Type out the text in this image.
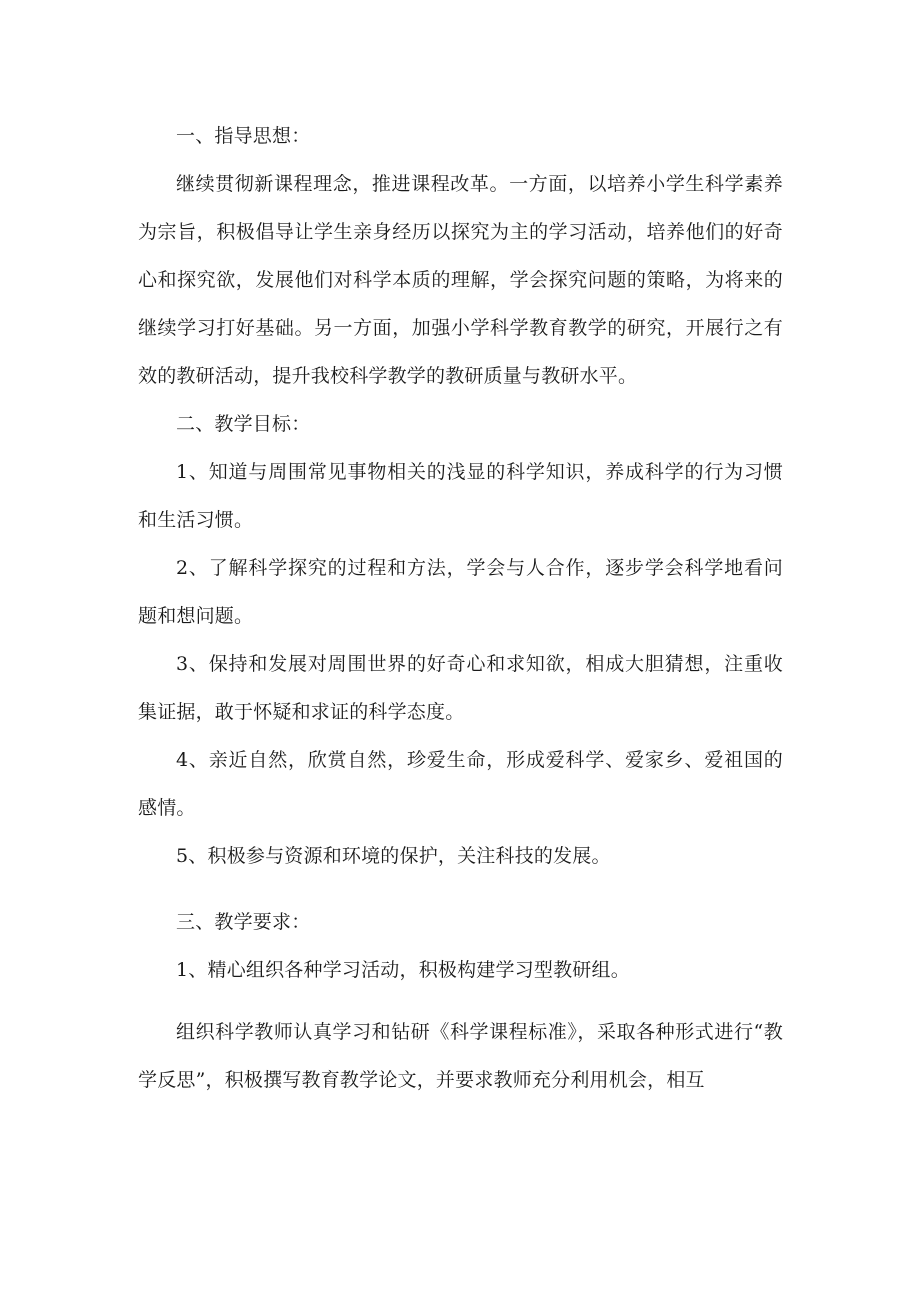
一、指导思想：

继续贯彻新课程理念，推进课程改革。一方面，以培养小学生科学素养为宗旨，积极倡导让学生亲身经历以探究为主的学习活动，培养他们的好奇心和探究欲，发展他们对科学本质的理解，学会探究问题的策略，为将来的继续学习打好基础。另一方面，加强小学科学教育教学的研究，开展行之有效的教研活动，提升我校科学教学的教研质量与教研水平。

二、教学目标：

1、知道与周围常见事物相关的浅显的科学知识，养成科学的行为习惯和生活习惯。

2、了解科学探究的过程和方法，学会与人合作，逐步学会科学地看问题和想问题。

3、保持和发展对周围世界的好奇心和求知欲，相成大胆猜想，注重收集证据，敢于怀疑和求证的科学态度。

4、亲近自然，欣赏自然，珍爱生命，形成爱科学、爱家乡、爱祖国的感情。

5、积极参与资源和环境的保护，关注科技的发展。

三、教学要求：

1、精心组织各种学习活动，积极构建学习型教研组。

组织科学教师认真学习和钻研《科学课程标准》，采取各种形式进行“教学反思”，积极撰写教育教学论文，并要求教师充分利用机会，相互
